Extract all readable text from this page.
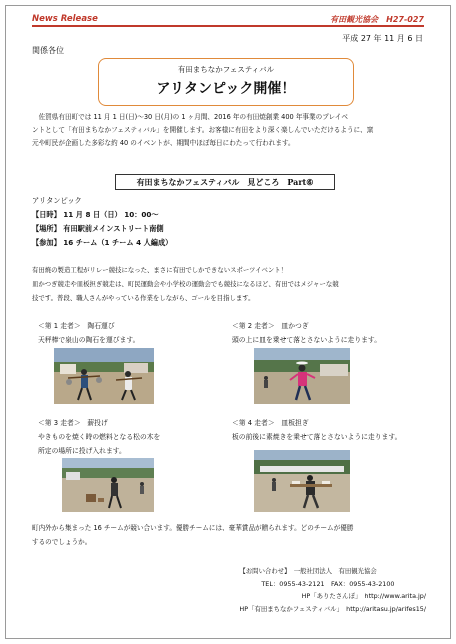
News Release	有田観光協会　H27-027
平成 27 年 11 月 6 日
関係各位
有田まちなかフェスティバル
アリタンピック開催！
　佐賀県有田町では 11 月 1 日(日)～30 日(月)の 1 ヶ月間、2016 年の有田焼創業 400 年事業のプレイベ
ントとして「有田まちなかフェスティバル」を開催します。お客様に有田をより深く楽しんでいただけるように、窯
元や町民が企画した多彩な約 40 のイベントが、期間中ほぼ毎日にわたって行われます。
有田まちなかフェスティバル　見どころ　Part⑥
アリタンピック
【日時】 11 月 8 日（日） 10：00～
【場所】 有田駅前メインストリート南側
【参加】 16 チーム（1 チーム 4 人編成）
有田焼の製造工程がリレー競技になった、まさに有田でしかできないスポーツイベント！
皿かつぎ競走や皿板担ぎ競走は、町民運動会や小学校の運動会でも競技になるほど、有田ではメジャーな競
技です。普段、職人さんがやっている作業をしながら、ゴールを目指します。
＜第 1 走者＞　陶石運び
天秤棒で泉山の陶石を運びます。
＜第 2 走者＞　皿かつぎ
頭の上に皿を乗せて落とさないように走ります。
＜第 3 走者＞　薪投げ
やきものを焼く時の燃料となる松の木を
所定の場所に投げ入れます。
＜第 4 走者＞　皿板担ぎ
板の前後に素焼きを乗せて落とさないように走ります。
町内外から集まった 16 チームが競い合います。優勝チームには、豪華賞品が贈られます。どのチームが優勝
するのでしょうか。
【お問い合わせ】　一般社団法人　有田観光協会
TEL：0955-43-2121　FAX：0955-43-2100
HP「ありたさんぽ」　http://www.arita.jp/
HP「有田まちなかフェスティバル」　http://aritasu.jp/arifes15/
